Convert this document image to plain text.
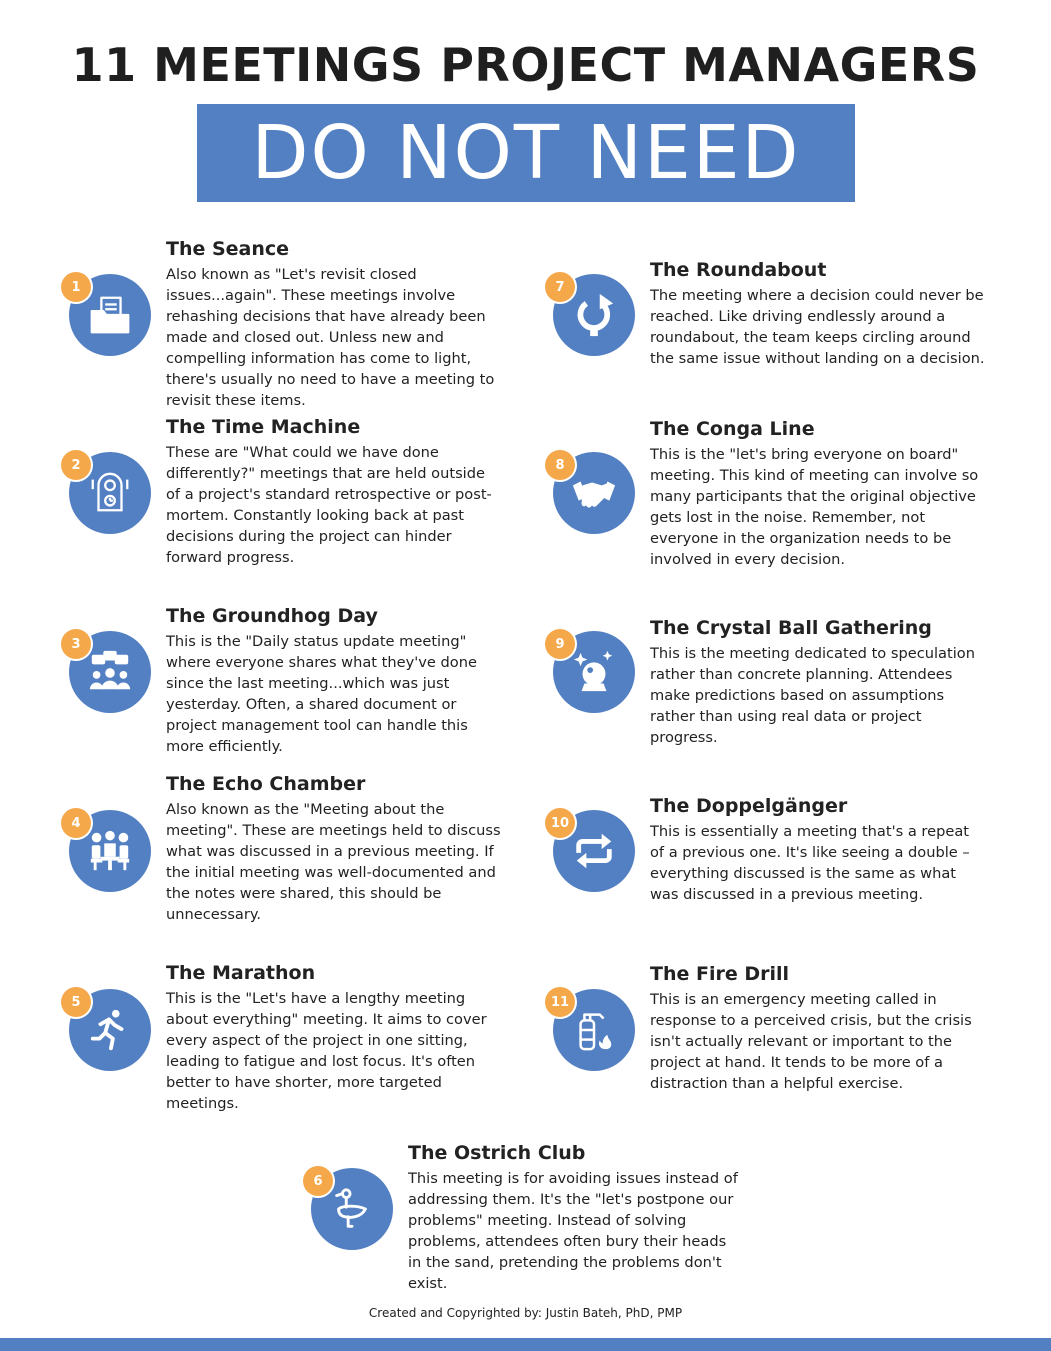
11 MEETINGS PROJECT MANAGERS
DO NOT NEED
1
The Seance

Also known as "Let's revisit closed issues...again". These meetings involve rehashing decisions that have already been made and closed out. Unless new and compelling information has come to light, there's usually no need to have a meeting to revisit these items.

2
The Time Machine

These are "What could we have done differently?" meetings that are held outside of a project's standard retrospective or post-mortem. Constantly looking back at past decisions during the project can hinder forward progress.

3
The Groundhog Day

This is the "Daily status update meeting" where everyone shares what they've done since the last meeting...which was just yesterday. Often, a shared document or project management tool can handle this more efficiently.

4
The Echo Chamber

Also known as the "Meeting about the meeting". These are meetings held to discuss what was discussed in a previous meeting. If the initial meeting was well-documented and the notes were shared, this should be unnecessary.

5
The Marathon

This is the "Let's have a lengthy meeting about everything" meeting. It aims to cover every aspect of the project in one sitting, leading to fatigue and lost focus. It's often better to have shorter, more targeted meetings.

7
The Roundabout

The meeting where a decision could never be reached. Like driving endlessly around a roundabout, the team keeps circling around the same issue without landing on a decision.

8
The Conga Line

This is the "let's bring everyone on board" meeting. This kind of meeting can involve so many participants that the original objective gets lost in the noise. Remember, not everyone in the organization needs to be involved in every decision.

9
The Crystal Ball Gathering

This is the meeting dedicated to speculation rather than concrete planning. Attendees make predictions based on assumptions rather than using real data or project progress.

10
The Doppelgänger

This is essentially a meeting that's a repeat of a previous one. It's like seeing a double – everything discussed is the same as what was discussed in a previous meeting.

11
The Fire Drill

This is an emergency meeting called in response to a perceived crisis, but the crisis isn't actually relevant or important to the project at hand. It tends to be more of a distraction than a helpful exercise.

6
The Ostrich Club

This meeting is for avoiding issues instead of addressing them. It's the "let's postpone our problems" meeting. Instead of solving problems, attendees often bury their heads in the sand, pretending the problems don't exist.

Created and Copyrighted by: Justin Bateh, PhD, PMP
